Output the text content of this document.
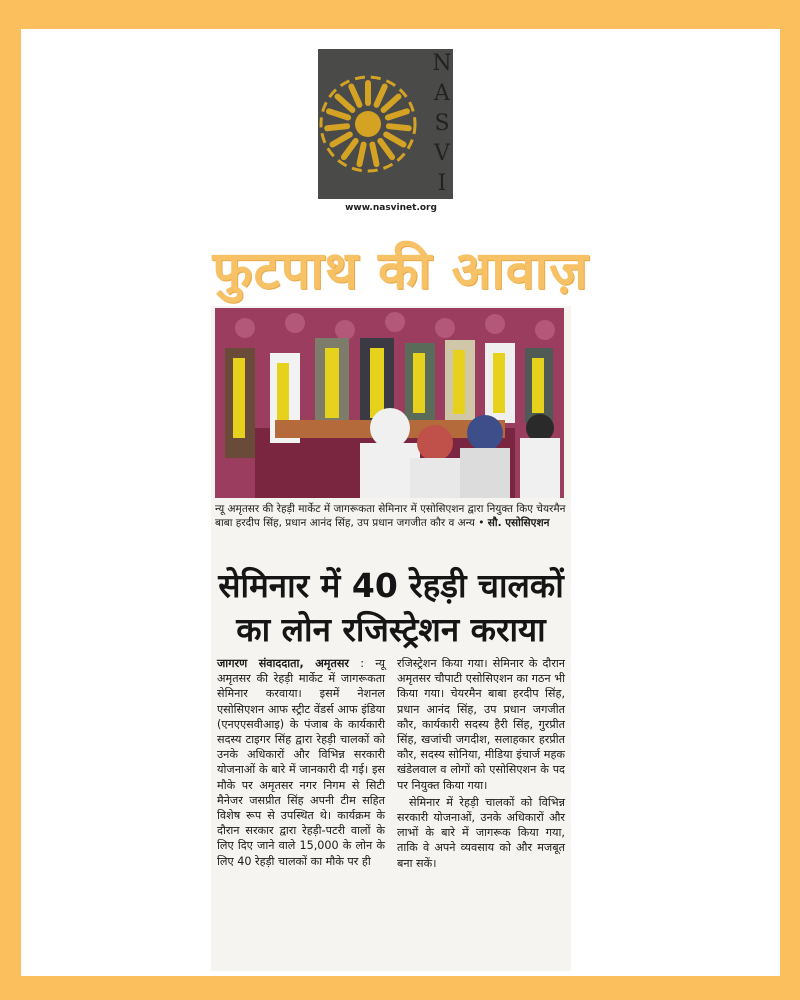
N
A
S
V
I
www.nasvinet.org
फुटपाथ की आवाज़
न्यू अमृतसर की रेहड़ी मार्केट में जागरूकता सेमिनार में एसोसिएशन द्वारा नियुक्त किए चेयरमैन बाबा हरदीप सिंह, प्रधान आनंद सिंह, उप प्रधान जगजीत कौर व अन्य • सौ. एसोसिएशन
सेमिनार में 40 रेहड़ी चालकों
का लोन रजिस्ट्रेशन कराया

जागरण संवाददाता, अमृतसर : न्यू अमृतसर की रेहड़ी मार्केट में जागरूकता सेमिनार करवाया। इसमें नेशनल एसोसिएशन आफ स्ट्रीट वेंडर्स आफ इंडिया (एनएएसवीआइ) के पंजाब के कार्यकारी सदस्य टाइगर सिंह द्वारा रेहड़ी चालकों को उनके अधिकारों और विभिन्न सरकारी योजनाओं के बारे में जानकारी दी गई। इस मौके पर अमृतसर नगर निगम से सिटी मैनेजर जसप्रीत सिंह अपनी टीम सहित विशेष रूप से उपस्थित थे। कार्यक्रम के दौरान सरकार द्वारा रेहड़ी-पटरी वालों के लिए दिए जाने वाले 15,000 के लोन के लिए 40 रेहड़ी चालकों का मौके पर ही

रजिस्ट्रेशन किया गया। सेमिनार के दौरान अमृतसर चौपाटी एसोसिएशन का गठन भी किया गया। चेयरमैन बाबा हरदीप सिंह, प्रधान आनंद सिंह, उप प्रधान जगजीत कौर, कार्यकारी सदस्य हैरी सिंह, गुरप्रीत सिंह, खजांची जगदीश, सलाहकार हरप्रीत कौर, सदस्य सोनिया, मीडिया इंचार्ज महक खंडेलवाल व लोगों को एसोसिएशन के पद पर नियुक्त किया गया।

सेमिनार में रेहड़ी चालकों को विभिन्न सरकारी योजनाओं, उनके अधिकारों और लाभों के बारे में जागरूक किया गया, ताकि वे अपने व्यवसाय को और मजबूत बना सकें।
